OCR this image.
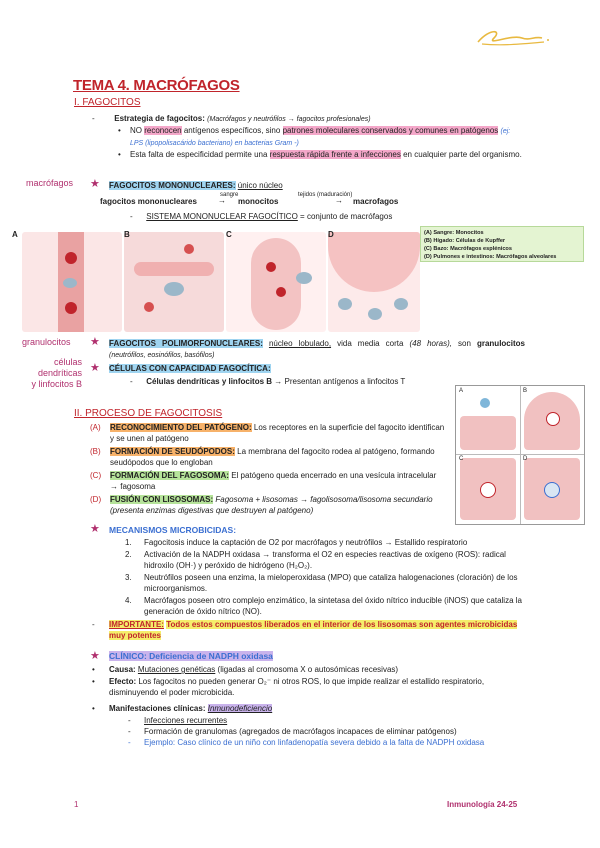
TEMA 4. MACRÓFAGOS
I. FAGOCITOS
- Estrategia de fagocitos: (Macrófagos y neutrófilos → fagocitos profesionales)
• NO reconocen antígenos específicos, sino patrones moleculares conservados y comunes en patógenos (ej: LPS (lipopolisacárido bacteriano) en bacterias Gram -)
• Esta falta de especificidad permite una respuesta rápida frente a infecciones en cualquier parte del organismo.
macrófagos ★ FAGOCITOS MONONUCLEARES: único núcleo
fagocitos mononucleares
sangre
→ monocitos
tejidos (maduración)
→ macrofagos
- SISTEMA MONONUCLEAR FAGOCÍTICO = conjunto de macrófagos
A	B	C	D	(A) Sangre: Monocitos
(B) Hígado: Células de Kupffer
(C) Bazo: Macrófagos esplénicos
(D) Pulmones e intestinos: Macrófagos alveolares
granulocitos ★ FAGOCITOS POLIMORFONUCLEARES: núcleo lobulado, vida media corta (48 horas), son granulocitos (neutrófilos, eosinófilos, basófilos)
células dendríticas
y linfocitos B
★ CÉLULAS CON CAPACIDAD FAGOCÍTICA:
- Células dendríticas y linfocitos B → Presentan antígenos a linfocitos T
II. PROCESO DE FAGOCITOSIS
(A) RECONOCIMIENTO DEL PATÓGENO: Los receptores en la superficie del fagocito identifican y se unen al patógeno
(B) FORMACIÓN DE SEUDÓPODOS: La membrana del fagocito rodea al patógeno, formando seudópodos que lo engloban
(C) FORMACIÓN DEL FAGOSOMA: El patógeno queda encerrado en una vesícula intracelular → fagosoma
(D) FUSIÓN CON LISOSOMAS: Fagosoma + lisosomas → fagolisosoma/lisosoma secundario (presenta enzimas digestivas que destruyen al patógeno)
A	B
C	D
★ MECANISMOS MICROBICIDAS:
1. Fagocitosis induce la captación de O2 por macrófagos y neutrófilos → Estallido respiratorio
2. Activación de la NADPH oxidasa → transforma el O2 en especies reactivas de oxígeno (ROS): radical hidroxilo (OH·) y peróxido de hidrógeno (H₂O₂).
3. Neutrófilos poseen una enzima, la mieloperoxidasa (MPO) que cataliza halogenaciones (cloración) de los microorganismos.
4. Macrófagos poseen otro complejo enzimático, la sintetasa del óxido nítrico inducible (iNOS) que cataliza la generación de óxido nítrico (NO).
-	IMPORTANTE: Todos estos compuestos liberados en el interior de los lisosomas son agentes microbicidas muy potentes
★ CLÍNICO: Deficiencia de NADPH oxidasa
•	Causa: Mutaciones genéticas (ligadas al cromosoma X o autosómicas recesivas)
•	Efecto: Los fagocitos no pueden generar O₂⁻ ni otros ROS, lo que impide realizar el estallido respiratorio, disminuyendo el poder microbicida.
•	Manifestaciones clínicas: Inmunodeficiencio
- Infecciones recurrentes
- Formación de granulomas (agregados de macrófagos incapaces de eliminar patógenos)
- Ejemplo: Caso clínico de un niño con linfadenopatía severa debido a la falta de NADPH oxidasa
1	Inmunología 24-25
